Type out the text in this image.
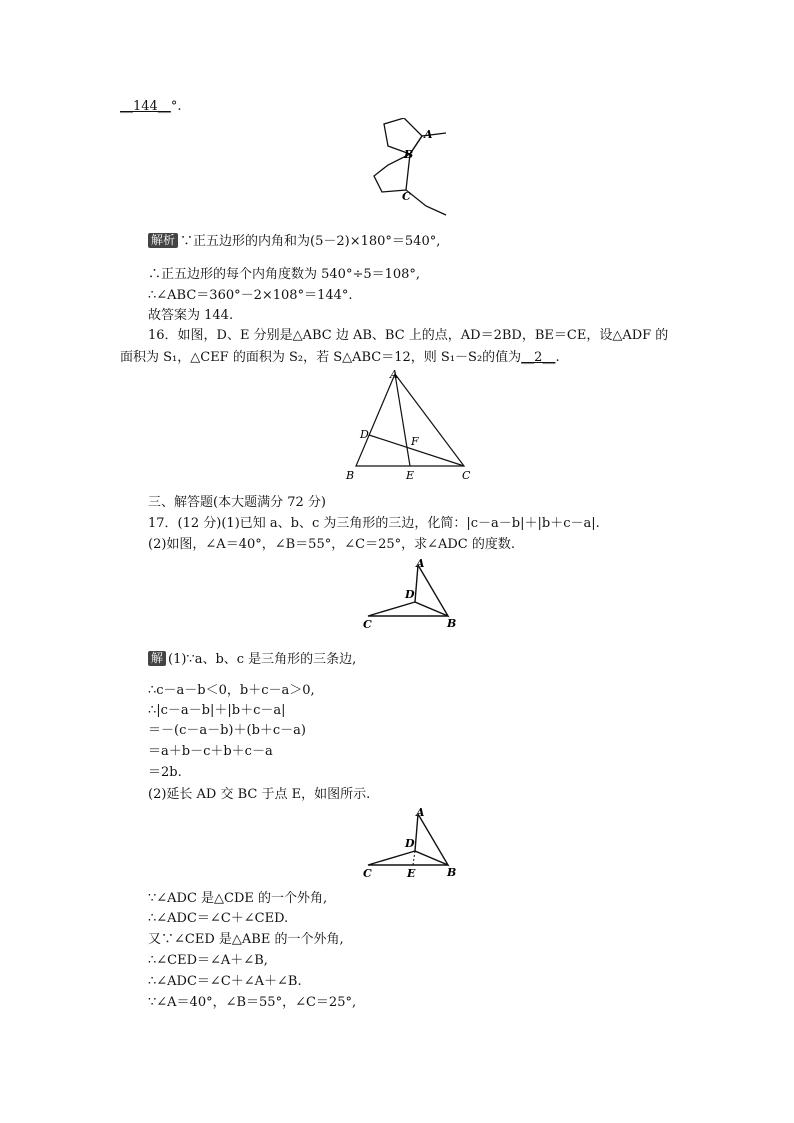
__144__°.
A
B
C
解析 ∵正五边形的内角和为(5－2)×180°＝540°,
∴正五边形的每个内角度数为 540°÷5＝108°,
∴∠ABC＝360°－2×108°＝144°.
故答案为 144.
16．如图，D、E 分别是△ABC 边 AB、BC 上的点，AD＝2BD，BE＝CE，设△ADF 的
面积为 S₁，△CEF 的面积为 S₂，若 S△ABC＝12，则 S₁－S₂的值为__2__.
A
D
F
B	E	C
三、解答题(本大题满分 72 分)
17．(12 分)(1)已知 a、b、c 为三角形的三边，化简：|c－a－b|＋|b＋c－a|.
(2)如图，∠A＝40°，∠B＝55°，∠C＝25°，求∠ADC 的度数.
A
D
C	B
解 (1)∵a、b、c 是三角形的三条边,
∴c－a－b＜0，b＋c－a＞0,
∴|c－a－b|＋|b＋c－a|
＝－(c－a－b)＋(b＋c－a)
＝a＋b－c＋b＋c－a
＝2b.
(2)延长 AD 交 BC 于点 E，如图所示.
A
D
C	E	B
∵∠ADC 是△CDE 的一个外角,
∴∠ADC＝∠C＋∠CED.
又∵∠CED 是△ABE 的一个外角,
∴∠CED＝∠A＋∠B,
∴∠ADC＝∠C＋∠A＋∠B.
∵∠A＝40°，∠B＝55°，∠C＝25°,
